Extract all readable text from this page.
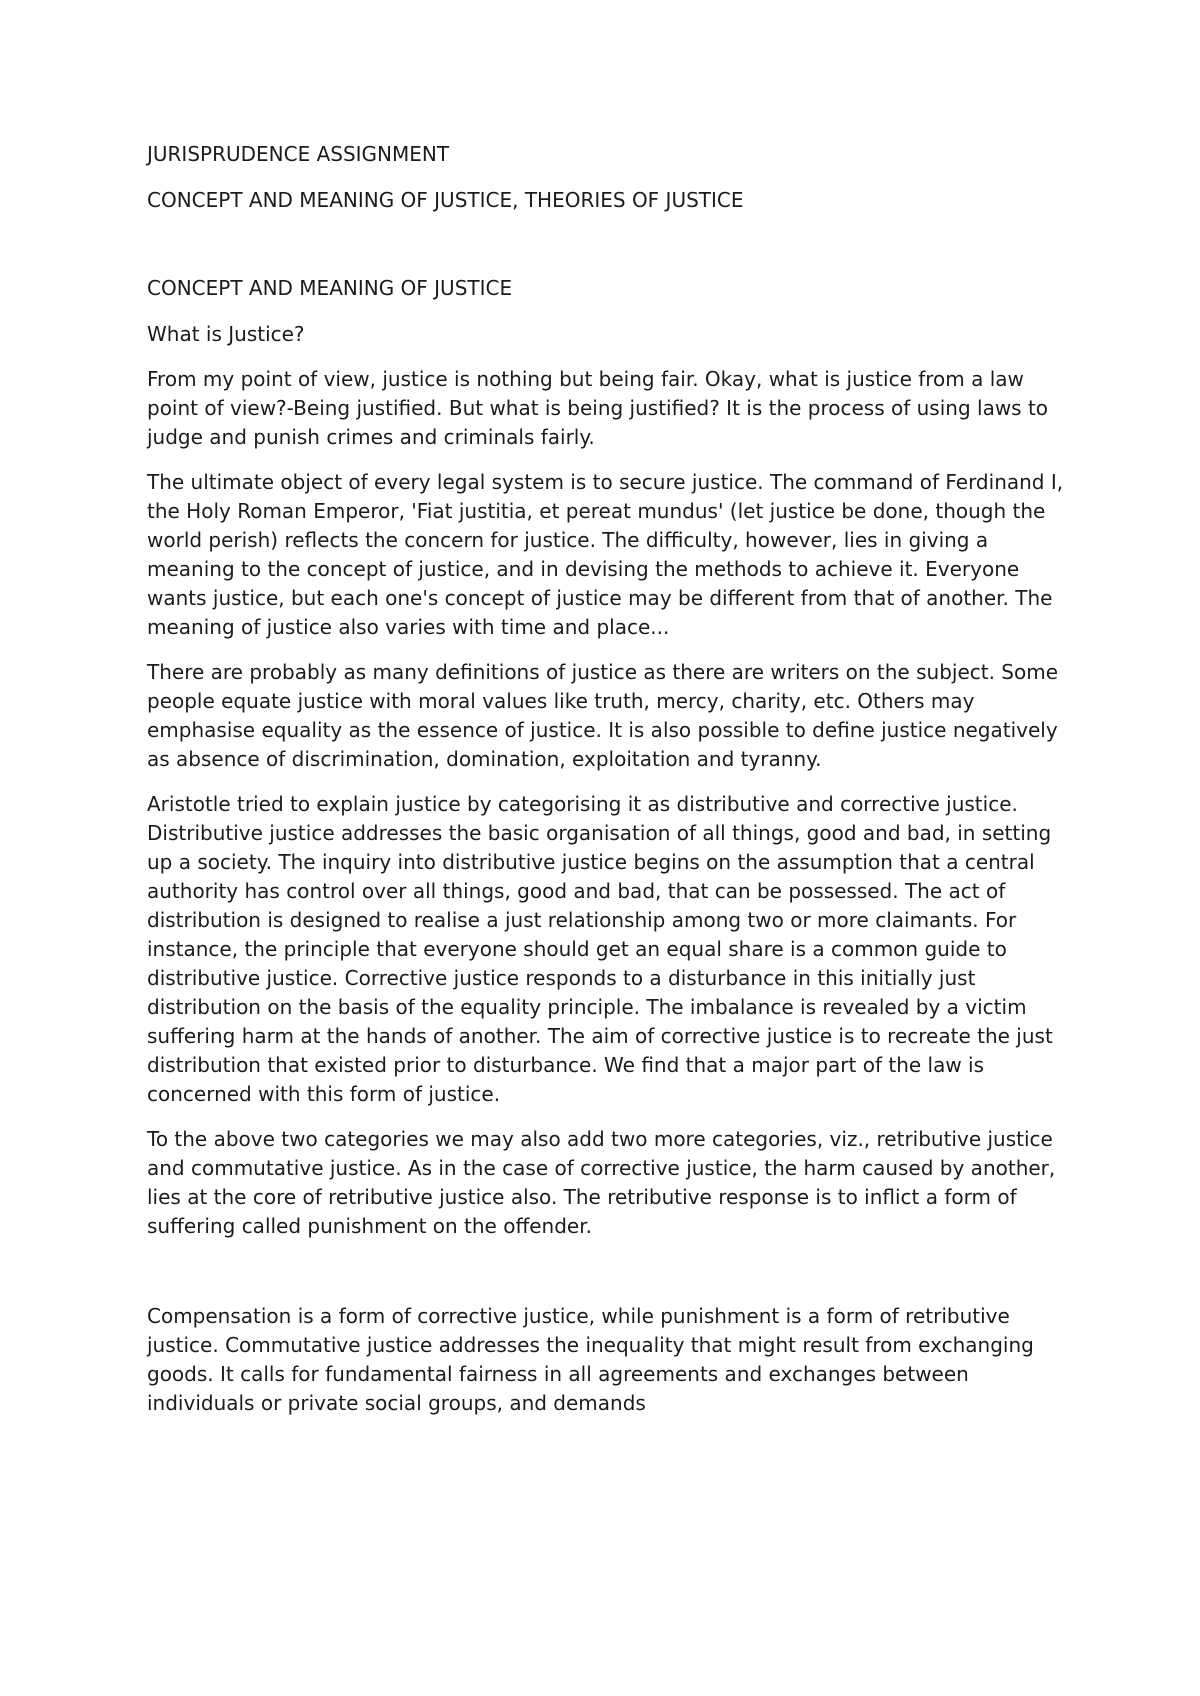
JURISPRUDENCE ASSIGNMENT
CONCEPT AND MEANING OF JUSTICE, THEORIES OF JUSTICE
CONCEPT AND MEANING OF JUSTICE

What is Justice?

From my point of view, justice is nothing but being fair. Okay, what is justice from a law point of view?-Being justified. But what is being justified? It is the process of using laws to judge and punish crimes and criminals fairly.

The ultimate object of every legal system is to secure justice. The command of Ferdinand I, the Holy Roman Emperor, 'Fiat justitia, et pereat mundus' (let justice be done, though the world perish) reflects the concern for justice. The difficulty, however, lies in giving a meaning to the concept of justice, and in devising the methods to achieve it. Everyone wants justice, but each one's concept of justice may be different from that of another. The meaning of justice also varies with time and place...

There are probably as many definitions of justice as there are writers on the subject. Some people equate justice with moral values like truth, mercy, charity, etc. Others may emphasise equality as the essence of justice. It is also possible to define justice negatively as absence of discrimination, domination, exploitation and tyranny.

Aristotle tried to explain justice by categorising it as distributive and corrective justice. Distributive justice addresses the basic organisation of all things, good and bad, in setting up a society. The inquiry into distributive justice begins on the assumption that a central authority has control over all things, good and bad, that can be possessed. The act of distribution is designed to realise a just relationship among two or more claimants. For instance, the principle that everyone should get an equal share is a common guide to distributive justice. Corrective justice responds to a disturbance in this initially just distribution on the basis of the equality principle. The imbalance is revealed by a victim suffering harm at the hands of another. The aim of corrective justice is to recreate the just distribution that existed prior to disturbance. We find that a major part of the law is concerned with this form of justice.

To the above two categories we may also add two more categories, viz., retributive justice and commutative justice. As in the case of corrective justice, the harm caused by another, lies at the core of retributive justice also. The retributive response is to inflict a form of suffering called punishment on the offender.

Compensation is a form of corrective justice, while punishment is a form of retributive justice. Commutative justice addresses the inequality that might result from exchanging goods. It calls for fundamental fairness in all agreements and exchanges between individuals or private social groups, and demands
